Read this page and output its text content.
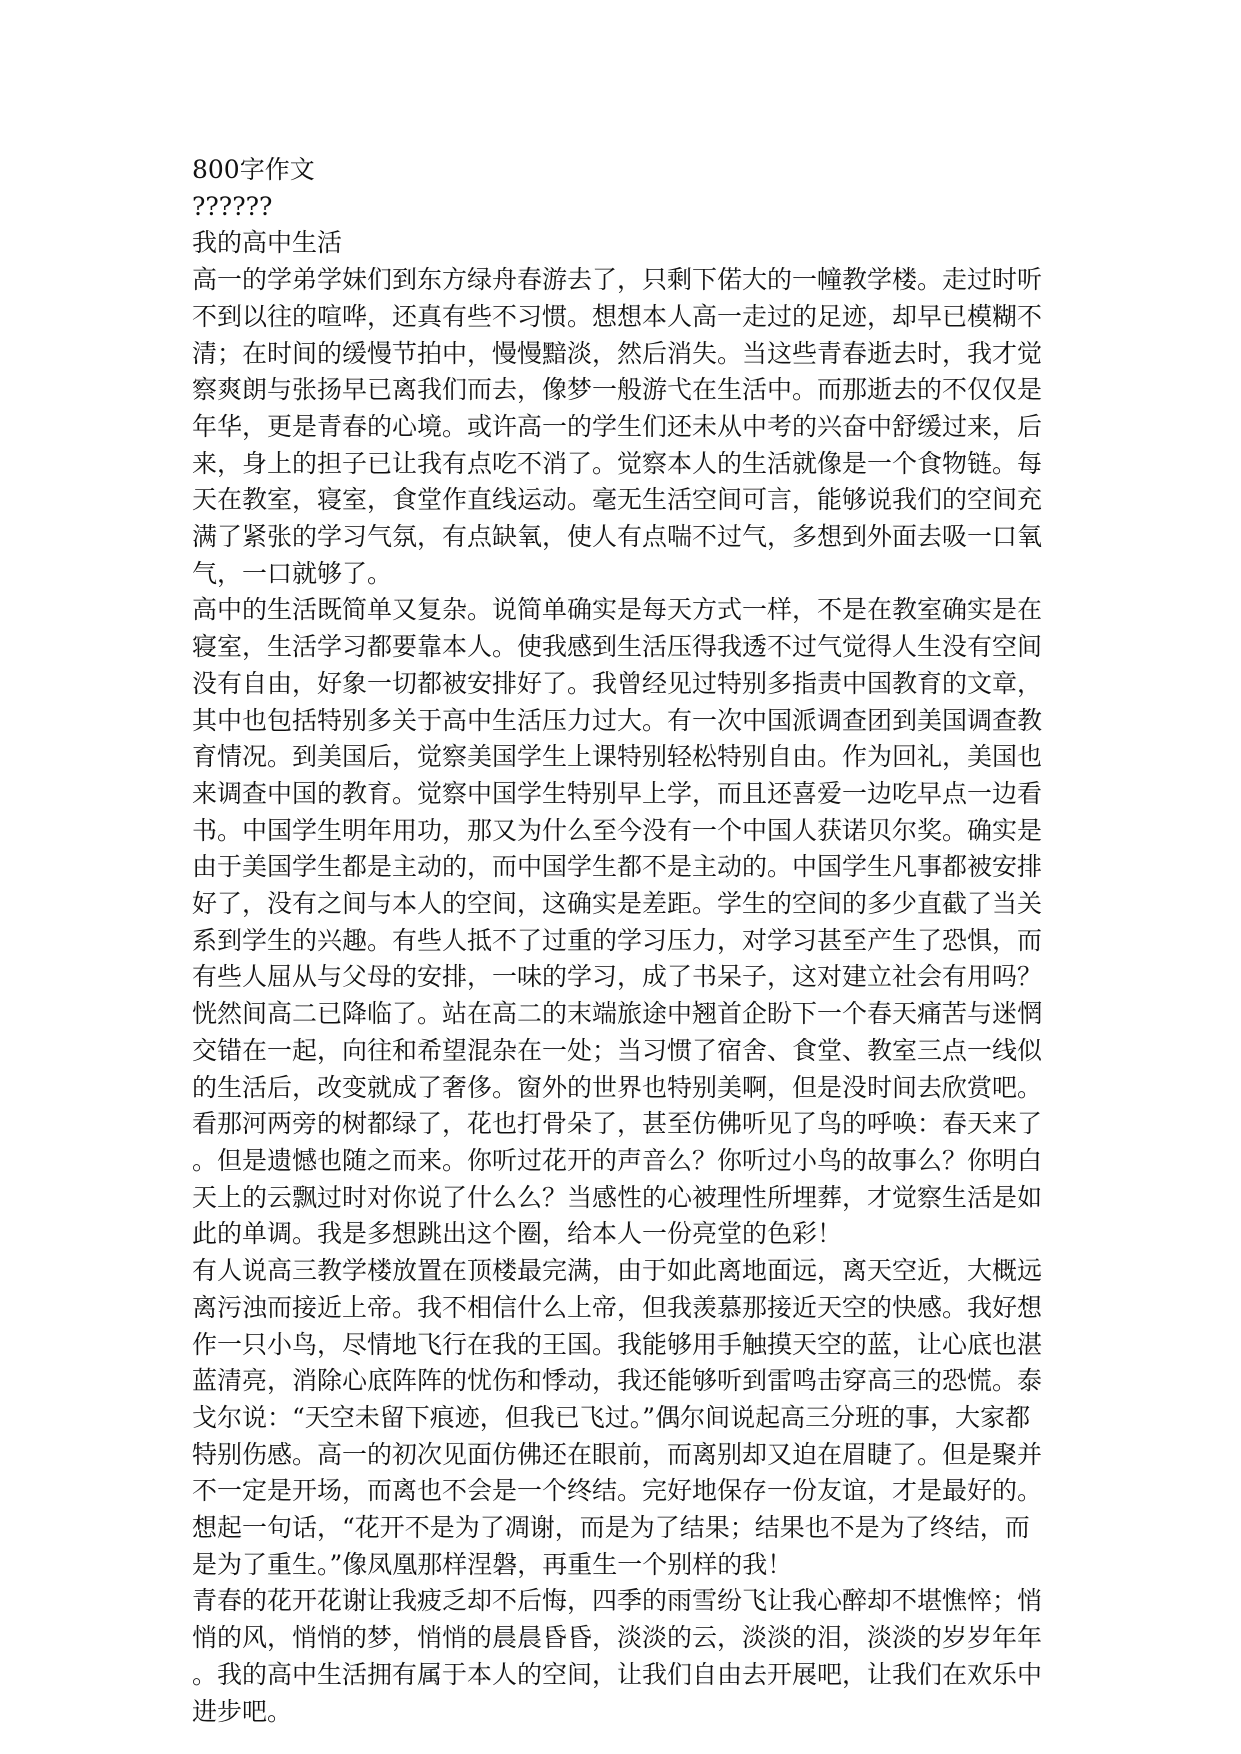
800字作文
??????
我的高中生活

高一的学弟学妹们到东方绿舟春游去了，只剩下偌大的一幢教学楼。走过时听
不到以往的喧哗，还真有些不习惯。想想本人高一走过的足迹，却早已模糊不
清；在时间的缓慢节拍中，慢慢黯淡，然后消失。当这些青春逝去时，我才觉
察爽朗与张扬早已离我们而去，像梦一般游弋在生活中。而那逝去的不仅仅是
年华，更是青春的心境。或许高一的学生们还未从中考的兴奋中舒缓过来，后
来，身上的担子已让我有点吃不消了。觉察本人的生活就像是一个食物链。每
天在教室，寝室，食堂作直线运动。毫无生活空间可言，能够说我们的空间充
满了紧张的学习气氛，有点缺氧，使人有点喘不过气，多想到外面去吸一口氧
气，一口就够了。

高中的生活既简单又复杂。说简单确实是每天方式一样，不是在教室确实是在
寝室，生活学习都要靠本人。使我感到生活压得我透不过气觉得人生没有空间
没有自由，好象一切都被安排好了。我曾经见过特别多指责中国教育的文章，
其中也包括特别多关于高中生活压力过大。有一次中国派调查团到美国调查教
育情况。到美国后，觉察美国学生上课特别轻松特别自由。作为回礼，美国也
来调查中国的教育。觉察中国学生特别早上学，而且还喜爱一边吃早点一边看
书。中国学生明年用功，那又为什么至今没有一个中国人获诺贝尔奖。确实是
由于美国学生都是主动的，而中国学生都不是主动的。中国学生凡事都被安排
好了，没有之间与本人的空间，这确实是差距。学生的空间的多少直截了当关
系到学生的兴趣。有些人抵不了过重的学习压力，对学习甚至产生了恐惧，而
有些人屈从与父母的安排，一味的学习，成了书呆子，这对建立社会有用吗？

恍然间高二已降临了。站在高二的末端旅途中翘首企盼下一个春天痛苦与迷惘
交错在一起，向往和希望混杂在一处；当习惯了宿舍、食堂、教室三点一线似
的生活后，改变就成了奢侈。窗外的世界也特别美啊，但是没时间去欣赏吧。
看那河两旁的树都绿了，花也打骨朵了，甚至仿佛听见了鸟的呼唤：春天来了
。但是遗憾也随之而来。你听过花开的声音么？你听过小鸟的故事么？你明白
天上的云飘过时对你说了什么么？当感性的心被理性所埋葬，才觉察生活是如
此的单调。我是多想跳出这个圈，给本人一份亮堂的色彩！

有人说高三教学楼放置在顶楼最完满，由于如此离地面远，离天空近，大概远
离污浊而接近上帝。我不相信什么上帝，但我羡慕那接近天空的快感。我好想
作一只小鸟，尽情地飞行在我的王国。我能够用手触摸天空的蓝，让心底也湛
蓝清亮，消除心底阵阵的忧伤和悸动，我还能够听到雷鸣击穿高三的恐慌。泰
戈尔说：“天空未留下痕迹，但我已飞过。”偶尔间说起高三分班的事，大家都
特别伤感。高一的初次见面仿佛还在眼前，而离别却又迫在眉睫了。但是聚并
不一定是开场，而离也不会是一个终结。完好地保存一份友谊，才是最好的。
想起一句话，“花开不是为了凋谢，而是为了结果；结果也不是为了终结，而
是为了重生。”像凤凰那样涅磐，再重生一个别样的我！

青春的花开花谢让我疲乏却不后悔，四季的雨雪纷飞让我心醉却不堪憔悴；悄
悄的风，悄悄的梦，悄悄的晨晨昏昏，淡淡的云，淡淡的泪，淡淡的岁岁年年
。我的高中生活拥有属于本人的空间，让我们自由去开展吧，让我们在欢乐中
进步吧。
